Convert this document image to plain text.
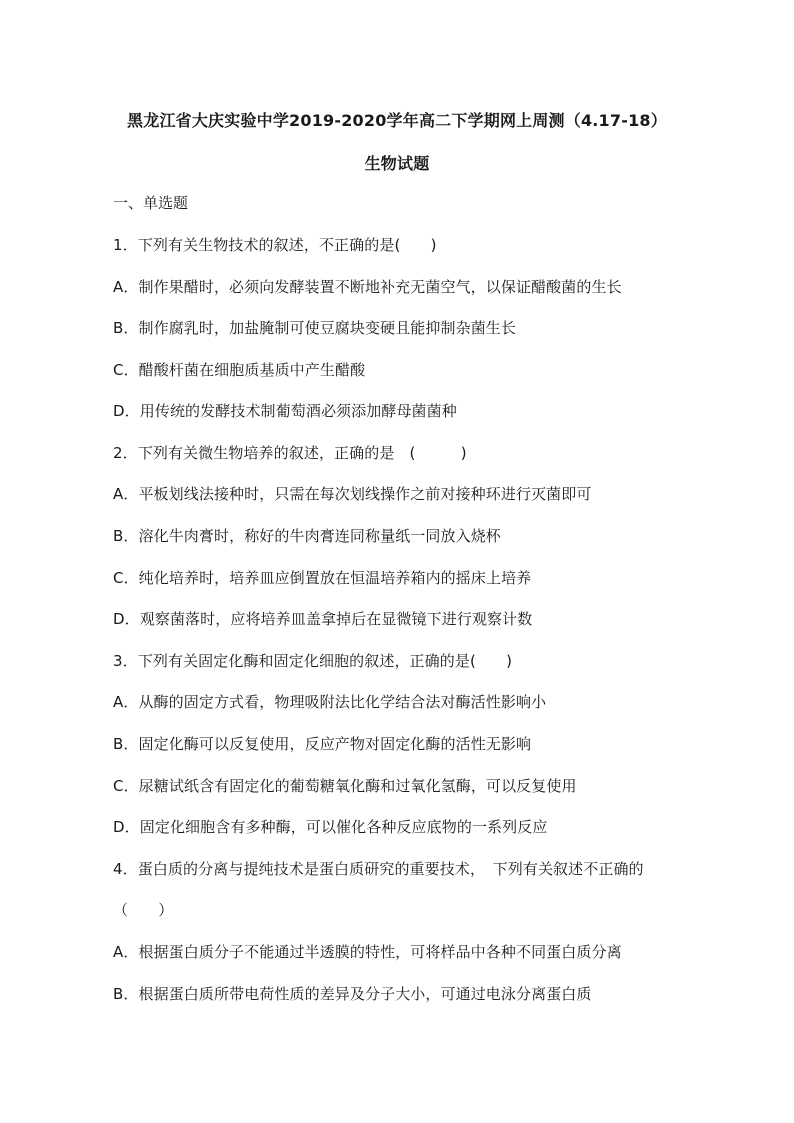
黑龙江省大庆实验中学2019-2020学年高二下学期网上周测（4.17-18）
生物试题
一、单选题
1．下列有关生物技术的叙述，不正确的是(　　)
A．制作果醋时，必须向发酵装置不断地补充无菌空气，以保证醋酸菌的生长
B．制作腐乳时，加盐腌制可使豆腐块变硬且能抑制杂菌生长
C．醋酸杆菌在细胞质基质中产生醋酸
D．用传统的发酵技术制葡萄酒必须添加酵母菌菌种
2．下列有关微生物培养的叙述，正确的是　(　　　)
A．平板划线法接种时，只需在每次划线操作之前对接种环进行灭菌即可
B．溶化牛肉膏时，称好的牛肉膏连同称量纸一同放入烧杯
C．纯化培养时，培养皿应倒置放在恒温培养箱内的摇床上培养
D．观察菌落时，应将培养皿盖拿掉后在显微镜下进行观察计数
3．下列有关固定化酶和固定化细胞的叙述，正确的是(　　)
A．从酶的固定方式看，物理吸附法比化学结合法对酶活性影响小
B．固定化酶可以反复使用，反应产物对固定化酶的活性无影响
C．尿糖试纸含有固定化的葡萄糖氧化酶和过氧化氢酶，可以反复使用
D．固定化细胞含有多种酶，可以催化各种反应底物的一系列反应
4．蛋白质的分离与提纯技术是蛋白质研究的重要技术，　下列有关叙述不正确的
（　　）
A．根据蛋白质分子不能通过半透膜的特性，可将样品中各种不同蛋白质分离
B．根据蛋白质所带电荷性质的差异及分子大小，可通过电泳分离蛋白质
